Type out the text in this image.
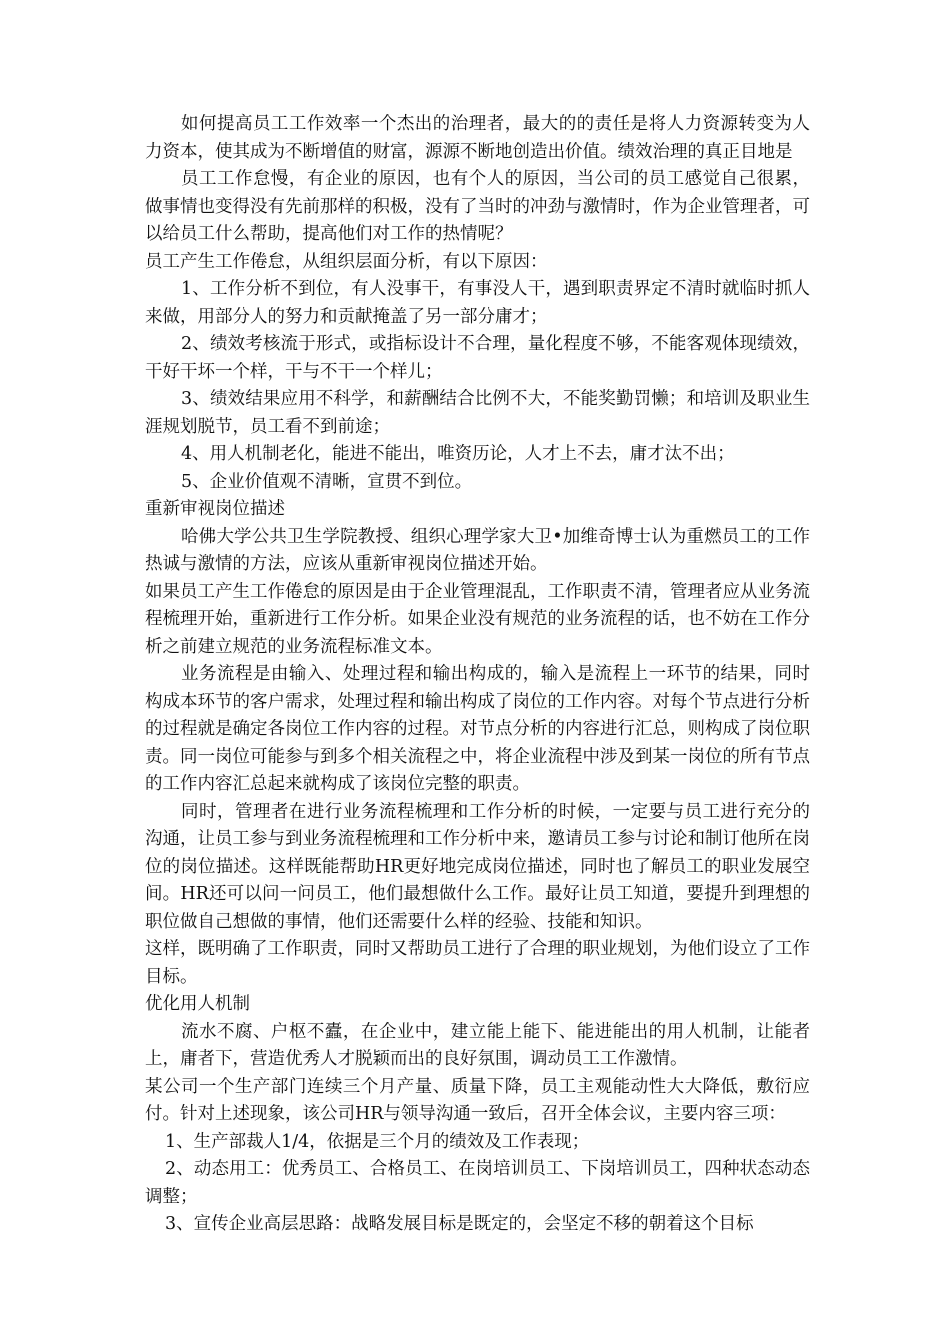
如何提高员工工作效率一个杰出的治理者，最大的的责任是将人力资源转变为人力资本，使其成为不断增值的财富，源源不断地创造出价值。绩效治理的真正目地是

员工工作怠慢，有企业的原因，也有个人的原因，当公司的员工感觉自己很累，做事情也变得没有先前那样的积极，没有了当时的冲劲与激情时，作为企业管理者，可以给员工什么帮助，提高他们对工作的热情呢？

员工产生工作倦怠，从组织层面分析，有以下原因：

1、工作分析不到位，有人没事干，有事没人干，遇到职责界定不清时就临时抓人来做，用部分人的努力和贡献掩盖了另一部分庸才；

2、绩效考核流于形式，或指标设计不合理，量化程度不够，不能客观体现绩效，干好干坏一个样，干与不干一个样儿；

3、绩效结果应用不科学，和薪酬结合比例不大，不能奖勤罚懒；和培训及职业生涯规划脱节，员工看不到前途；

4、用人机制老化，能进不能出，唯资历论，人才上不去，庸才汰不出；

5、企业价值观不清晰，宣贯不到位。

重新审视岗位描述

哈佛大学公共卫生学院教授、组织心理学家大卫•加维奇博士认为重燃员工的工作热诚与激情的方法，应该从重新审视岗位描述开始。

如果员工产生工作倦怠的原因是由于企业管理混乱，工作职责不清，管理者应从业务流程梳理开始，重新进行工作分析。如果企业没有规范的业务流程的话，也不妨在工作分析之前建立规范的业务流程标准文本。

业务流程是由输入、处理过程和输出构成的，输入是流程上一环节的结果，同时构成本环节的客户需求，处理过程和输出构成了岗位的工作内容。对每个节点进行分析的过程就是确定各岗位工作内容的过程。对节点分析的内容进行汇总，则构成了岗位职责。同一岗位可能参与到多个相关流程之中，将企业流程中涉及到某一岗位的所有节点的工作内容汇总起来就构成了该岗位完整的职责。

同时，管理者在进行业务流程梳理和工作分析的时候，一定要与员工进行充分的沟通，让员工参与到业务流程梳理和工作分析中来，邀请员工参与讨论和制订他所在岗位的岗位描述。这样既能帮助HR更好地完成岗位描述，同时也了解员工的职业发展空间。HR还可以问一问员工，他们最想做什么工作。最好让员工知道，要提升到理想的职位做自己想做的事情，他们还需要什么样的经验、技能和知识。

这样，既明确了工作职责，同时又帮助员工进行了合理的职业规划，为他们设立了工作目标。

优化用人机制

流水不腐、户枢不蠹，在企业中，建立能上能下、能进能出的用人机制，让能者上，庸者下，营造优秀人才脱颖而出的良好氛围，调动员工工作激情。

某公司一个生产部门连续三个月产量、质量下降，员工主观能动性大大降低，敷衍应付。针对上述现象，该公司HR与领导沟通一致后，召开全体会议，主要内容三项：

1、生产部裁人1/4，依据是三个月的绩效及工作表现；

2、动态用工：优秀员工、合格员工、在岗培训员工、下岗培训员工，四种状态动态调整；

3、宣传企业高层思路：战略发展目标是既定的，会坚定不移的朝着这个目标
